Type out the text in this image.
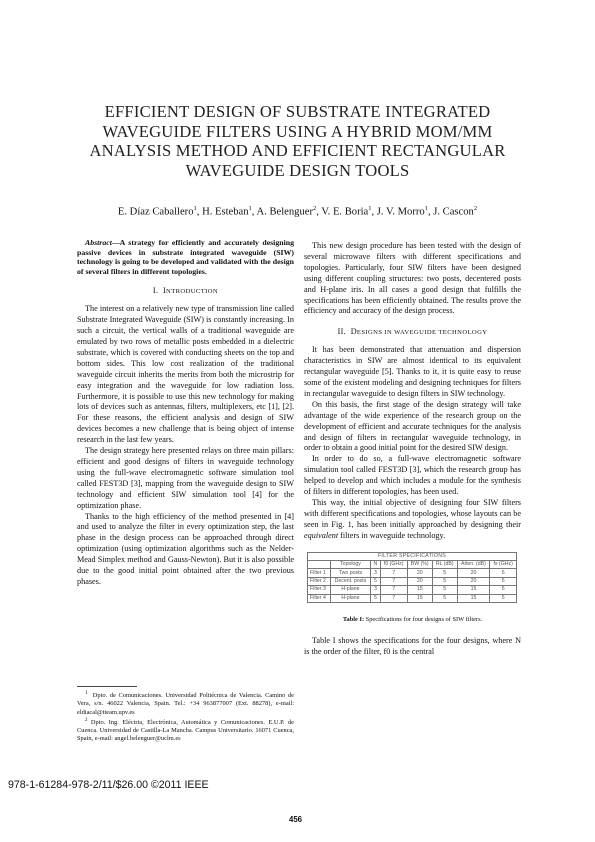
EFFICIENT DESIGN OF SUBSTRATE INTEGRATED WAVEGUIDE FILTERS USING A HYBRID MOM/MM ANALYSIS METHOD AND EFFICIENT RECTANGULAR WAVEGUIDE DESIGN TOOLS
E. Díaz Caballero$^1$, H. Esteban$^1$, A. Belenguer$^2$, V. E. Boria$^1$, J. V. Morro$^1$, J. Cascon$^2$

Abstract—A strategy for efficiently and accurately designing passive devices in substrate integrated waveguide (SIW) technology is going to be developed and validated with the design of several filters in different topologies.

I. INTRODUCTION

The interest on a relatively new type of transmission line called Substrate Integrated Waveguide (SIW) is constantly increasing. In such a circuit, the vertical walls of a traditional waveguide are emulated by two rows of metallic posts embedded in a dielectric substrate, which is covered with conducting sheets on the top and bottom sides. This low cost realization of the traditional waveguide circuit inherits the merits from both the microstrip for easy integration and the waveguide for low radiation loss. Furthermore, it is possible to use this new technology for making lots of devices such as antennas, filters, multiplexers, etc [1], [2]. For these reasons, the efficient analysis and design of SIW devices becomes a new challenge that is being object of intense research in the last few years.

The design strategy here presented relays on three main pillars: efficient and good designs of filters in waveguide technology using the full-wave electromagnetic software simulation tool called FEST3D [3], mapping from the waveguide design to SIW technology and efficient SIW simulation tool [4] for the optimization phase.

Thanks to the high efficiency of the method presented in [4] and used to analyze the filter in every optimization step, the last phase in the design process can be approached through direct optimization (using optimization algorithms such as the Nelder-Mead Simplex method and Gauss-Newton). But it is also possible due to the good initial point obtained after the two previous phases.

$^1$ Dpto. de Comunicaciones. Universidad Politécnica de Valencia. Camino de Vera, s/n. 46022 Valencia, Spain. Tel.: +34 963877007 (Ext. 88278), e-mail: eldiacal@iteam.upv.es

$^2$ Dpto. Ing. Eléctria, Electrónica, Automática y Comunicaciones. E.U.P. de Cuenca. Universidad de Castilla-La Mancha. Campus Universitario. 16071 Cuenca, Spain, e-mail: angel.belenguer@uclm.es

This new design procedure has been tested with the design of several microwave filters with different specifications and topologies. Particularly, four SIW filters have been designed using different coupling structures: two posts, decentered posts and H-plane iris. In all cases a good design that fulfills the specifications has been efficiently obtained. The results prove the efficiency and accuracy of the design process.

II. DESIGNS IN WAVEGUIDE TECHNOLOGY

It has been demonstrated that attenuation and dispersion characteristics in SIW are almost identical to its equivalent rectangular waveguide [5]. Thanks to it, it is quite easy to reuse some of the existent modeling and designing techniques for filters in rectangular waveguide to design filters in SIW technology.

On this basis, the first stage of the design strategy will take advantage of the wide experience of the research group on the development of efficient and accurate techniques for the analysis and design of filters in rectangular waveguide technology, in order to obtain a good initial point for the desired SIW design.

In order to do so, a full-wave electromagnetic software simulation tool called FEST3D [3], which the research group has helped to develop and which includes a module for the synthesis of filters in different topologies, has been used.

This way, the initial objective of designing four SIW filters with different specifications and topologies, whose layouts can be seen in Fig. 1, has been initially approached by designing their equivalent filters in waveguide technology.

FILTER SPECIFICATIONS							
	Topology	N	f0 (GHz)	BW (%)	RL (dB)	Atten. (dB)	fs (GHz)
Filter 1	Two posts	3	7	20	5	20	5
Filter 2	Decent. posts	5	7	20	5	20	5
Filter 3	H-plane	3	7	15	5	15	5
Filter 4	H-plane	5	7	15	5	15	5
Table I: Specifications for four designs of SIW filters.

Table I shows the specifications for the four designs, where N is the order of the filter, f0 is the central

978-1-61284-978-2/11/$26.00 ©2011 IEEE
456
